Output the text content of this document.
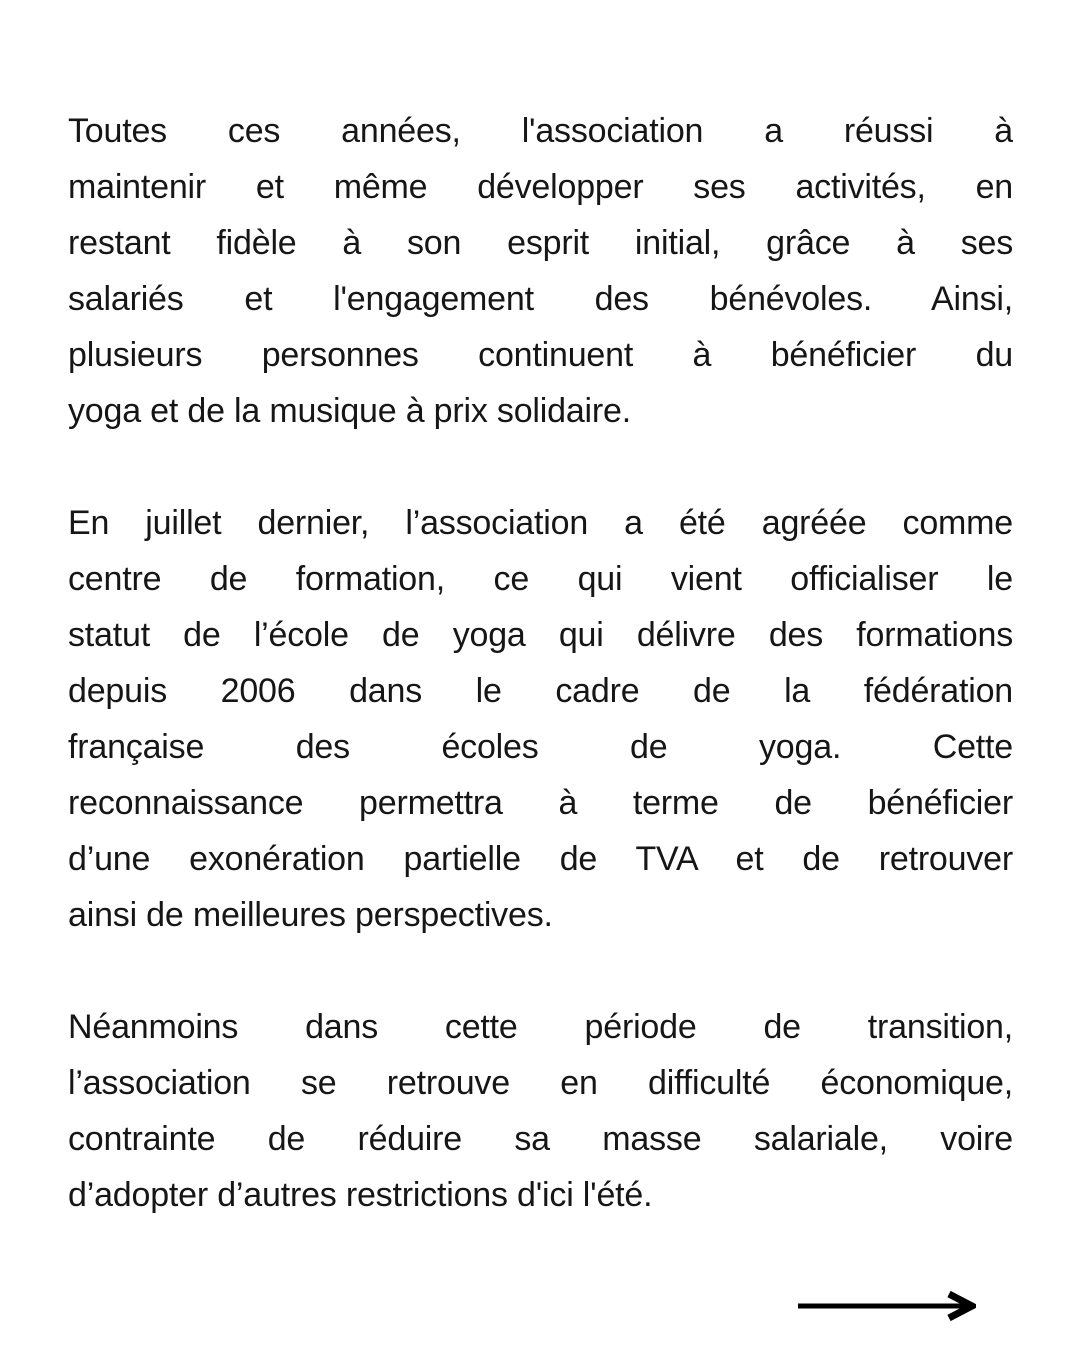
Toutes ces années, l'association a réussi à
maintenir et même développer ses activités, en
restant fidèle à son esprit initial, grâce à ses
salariés et l'engagement des bénévoles. Ainsi,
plusieurs personnes continuent à bénéficier du
yoga et de la musique à prix solidaire.
En juillet dernier, l’association a été agréée comme
centre de formation, ce qui vient officialiser le
statut de l’école de yoga qui délivre des formations
depuis 2006 dans le cadre de la fédération
française des écoles de yoga. Cette
reconnaissance permettra à terme de bénéficier
d’une exonération partielle de TVA et de retrouver
ainsi de meilleures perspectives.
Néanmoins dans cette période de transition,
l’association se retrouve en difficulté économique,
contrainte de réduire sa masse salariale, voire
d’adopter d’autres restrictions d'ici l'été.
